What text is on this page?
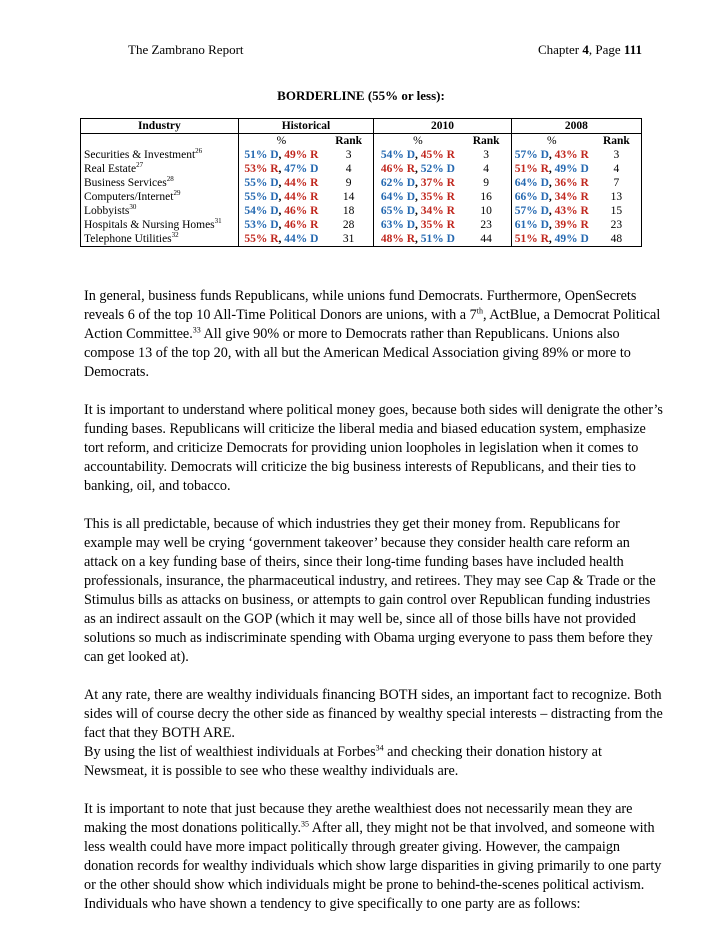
The Zambrano Report	Chapter 4, Page 111
BORDERLINE (55% or less):
Industry	Historical		2010		2008	
	%	Rank	%	Rank	%	Rank
Securities & Investment$^{26}$	51% D, 49% R	3	54% D, 45% R	3	57% D, 43% R	3
Real Estate$^{27}$	53% R, 47% D	4	46% R, 52% D	4	51% R, 49% D	4
Business Services$^{28}$	55% D, 44% R	9	62% D, 37% R	9	64% D, 36% R	7
Computers/Internet$^{29}$	55% D, 44% R	14	64% D, 35% R	16	66% D, 34% R	13
Lobbyists$^{30}$	54% D, 46% R	18	65% D, 34% R	10	57% D, 43% R	15
Hospitals & Nursing Homes$^{31}$	53% D, 46% R	28	63% D, 35% R	23	61% D, 39% R	23
Telephone Utilities$^{32}$	55% R, 44% D	31	48% R, 51% D	44	51% R, 49% D	48

In general, business funds Republicans, while unions fund Democrats. Furthermore, OpenSecrets reveals 6 of the top 10 All-Time Political Donors are unions, with a 7th, ActBlue, a Democrat Political Action Committee.$^{33}$ All give 90% or more to Democrats rather than Republicans. Unions also compose 13 of the top 20, with all but the American Medical Association giving 89% or more to Democrats.

It is important to understand where political money goes, because both sides will denigrate the other’s funding bases. Republicans will criticize the liberal media and biased education system, emphasize tort reform, and criticize Democrats for providing union loopholes in legislation when it comes to accountability. Democrats will criticize the big business interests of Republicans, and their ties to banking, oil, and tobacco.

This is all predictable, because of which industries they get their money from. Republicans for example may well be crying ‘government takeover’ because they consider health care reform an attack on a key funding base of theirs, since their long-time funding bases have included health professionals, insurance, the pharmaceutical industry, and retirees. They may see Cap & Trade or the Stimulus bills as attacks on business, or attempts to gain control over Republican funding industries as an indirect assault on the GOP (which it may well be, since all of those bills have not provided solutions so much as indiscriminate spending with Obama urging everyone to pass them before they can get looked at).

At any rate, there are wealthy individuals financing BOTH sides, an important fact to recognize. Both sides will of course decry the other side as financed by wealthy special interests – distracting from the fact that they BOTH ARE.

By using the list of wealthiest individuals at Forbes$^{34}$ and checking their donation history at Newsmeat, it is possible to see who these wealthy individuals are.

It is important to note that just because they arethe wealthiest does not necessarily mean they are making the most donations politically.$^{35}$ After all, they might not be that involved, and someone with less wealth could have more impact politically through greater giving. However, the campaign donation records for wealthy individuals which show large disparities in giving primarily to one party or the other should show which individuals might be prone to behind-the-scenes political activism. Individuals who have shown a tendency to give specifically to one party are as follows:
